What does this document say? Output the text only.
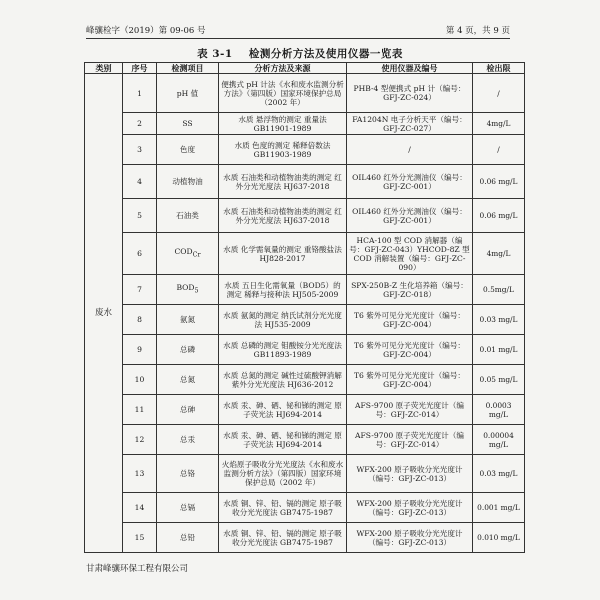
峰骧检字（2019）第 09-06 号	第 4 页，共 9 页
表 3-1 检测分析方法及使用仪器一览表
类别	序号	检测项目	分析方法及来源	使用仪器及编号	检出限
废水	1	pH 值	便携式 pH 计法《水和废水监测分析方法》（第四版）国家环境保护总局（2002 年）	PHB-4 型便携式 pH 计（编号：GFJ-ZC-024）	/
	2	SS	水质 悬浮物的测定 重量法 GB11901-1989	FA1204N 电子分析天平（编号：GFJ-ZC-027）	4mg/L
	3	色度	水质 色度的测定 稀释倍数法 GB11903-1989	/	/
	4	动植物油	水质 石油类和动植物油类的测定 红外分光光度法 HJ637-2018	OIL460 红外分光测油仪（编号：GFJ-ZC-001）	0.06 mg/L
	5	石油类	水质 石油类和动植物油类的测定 红外分光光度法 HJ637-2018	OIL460 红外分光测油仪（编号：GFJ-ZC-001）	0.06 mg/L
	6	$COD_{Cr}$	水质 化学需氧量的测定 重铬酸盐法 HJ828-2017	HCA-100 型 COD 消解器（编号：GFJ-ZC-043）YHCOD-8Z 型 COD 消解装置（编号：GFJ-ZC-090）	4mg/L
	7	$BOD_5$	水质 五日生化需氧量（BOD5）的测定 稀释与接种法 HJ505-2009	SPX-250B-Z 生化培养箱（编号：GFJ-ZC-018）	0.5mg/L
	8	氨氮	水质 氨氮的测定 纳氏试剂分光光度法 HJ535-2009	T6 紫外可见分光光度计（编号：GFJ-ZC-004）	0.03 mg/L
	9	总磷	水质 总磷的测定 钼酸铵分光光度法 GB11893-1989	T6 紫外可见分光光度计（编号：GFJ-ZC-004）	0.01 mg/L
	10	总氮	水质 总氮的测定 碱性过硫酸钾消解紫外分光光度法 HJ636-2012	T6 紫外可见分光光度计（编号：GFJ-ZC-004）	0.05 mg/L
	11	总砷	水质 汞、砷、硒、铋和锑的测定 原子荧光法 HJ694-2014	AFS-9700 原子荧光光度计（编号：GFJ-ZC-014）	0.0003 mg/L
	12	总汞	水质 汞、砷、硒、铋和锑的测定 原子荧光法 HJ694-2014	AFS-9700 原子荧光光度计（编号：GFJ-ZC-014）	0.00004 mg/L
	13	总铬	火焰原子吸收分光光度法《水和废水监测分析方法》（第四版）国家环境保护总局（2002 年）	WFX-200 原子吸收分光光度计（编号：GFJ-ZC-013）	0.03 mg/L
	14	总镉	水质 铜、锌、铅、镉的测定 原子吸收分光光度法 GB7475-1987	WFX-200 原子吸收分光光度计（编号：GFJ-ZC-013）	0.001 mg/L
	15	总铅	水质 铜、锌、铅、镉的测定 原子吸收分光光度法 GB7475-1987	WFX-200 原子吸收分光光度计（编号：GFJ-ZC-013）	0.010 mg/L
甘肃峰骧环保工程有限公司
